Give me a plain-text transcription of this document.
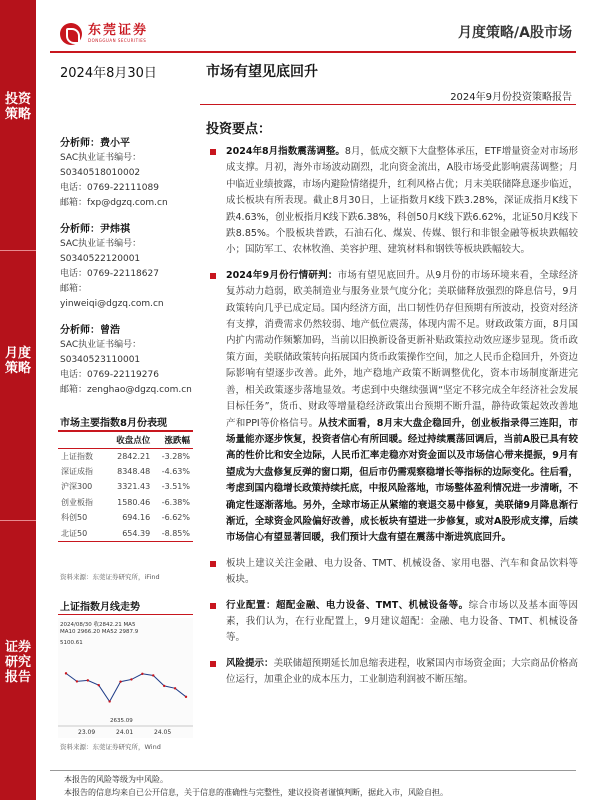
投资策略
月度策略
证券研究报告
东莞证券
DONGGUAN SECURITIES	月度策略/A股市场
2024年8月30日	市场有望见底回升
2024年9月份投资策略报告
分析师：费小平
SAC执业证书编号：
S0340518010002
电话：0769-22111089
邮箱：fxp@dgzq.com.cn
分析师：尹炜祺
SAC执业证书编号：
S0340522120001
电话：0769-22118627
邮箱：
yinweiqi@dgzq.com.cn
分析师：曾浩
SAC执业证书编号：
S0340523110001
电话：0769-22119276
邮箱：zenghao@dgzq.com.cn
市场主要指数8月份表现
	收盘点位	涨跌幅
上证指数	2842.21	-3.28%
深证成指	8348.48	-4.63%
沪深300	3321.43	-3.51%
创业板指	1580.46	-6.38%
科创50	694.16	-6.62%
北证50	654.39	-8.85%
资料来源：东莞证券研究所，iFind
上证指数月线走势
2024/08/30 收2842.21 MA5
MA10 2966.20 MA52 2987.9
5100.61
2635.09
23.09	24.01	24.05
资料来源：东莞证券研究所，Wind
投资要点：
2024年8月指数震荡调整。8月，低成交额下大盘整体承压，ETF增量资金对市场形成支撑。月初，海外市场波动剧烈，北向资金流出，A股市场受此影响震荡调整；月中临近业绩披露，市场内避险情绪提升，红利风格占优；月末美联储降息逐步临近，成长板块有所表现。截止8月30日，上证指数月K线下跌3.28%，深证成指月K线下跌4.63%，创业板指月K线下跌6.38%，科创50月K线下跌6.62%，北证50月K线下跌8.85%。个股板块普跌，石油石化、煤炭、传媒、银行和非银金融等板块跌幅较小；国防军工、农林牧渔、美容护理、建筑材料和钢铁等板块跌幅较大。
2024年9月份行情研判：市场有望见底回升。从9月份的市场环境来看，全球经济复苏动力趋弱，欧美制造业与服务业景气度分化；美联储释放强烈的降息信号，9月政策转向几乎已成定局。国内经济方面，出口韧性仍存但预期有所波动，投资对经济有支撑，消费需求仍然较弱、地产低位震荡，体现内需不足。财政政策方面，8月国内扩内需动作频繁加码，当前以旧换新设备更新补贴政策拉动效应逐步显现。货币政策方面，美联储政策转向拓展国内货币政策操作空间，加之人民币企稳回升，外资边际影响有望逐步改善。此外，地产稳地产政策不断调整优化，资本市场制度渐进完善，相关政策逐步落地显效。考虑到中央继续强调“坚定不移完成全年经济社会发展目标任务”，货币、财政等增量稳经济政策出台预期不断升温，静待政策起效改善地产和PPI等价格信号。从技术面看，8月末大盘企稳回升，创业板指录得三连阳，市场量能亦逐步恢复，投资者信心有所回暖。经过持续震荡回调后，当前A股已具有较高的性价比和安全边际，人民币汇率走稳亦对资金面以及市场信心带来提振，9月有望成为大盘修复反弹的窗口期，但后市仍需观察稳增长等指标的边际变化。往后看，考虑到国内稳增长政策持续托底，中报风险落地，市场整体盈利情况进一步清晰，不确定性逐渐落地。另外，全球市场正从紧缩的衰退交易中修复，美联储9月降息渐行渐近，全球资金风险偏好改善，成长板块有望进一步修复，或对A股形成支撑，后续市场信心有望显著回暖，我们预计大盘有望在震荡中渐进筑底回升。
板块上建议关注金融、电力设备、TMT、机械设备、家用电器、汽车和食品饮料等板块。
行业配置：超配金融、电力设备、TMT、机械设备等。综合市场以及基本面等因素，我们认为，在行业配置上，9月建议超配：金融、电力设备、TMT、机械设备等。
风险提示：美联储超预期延长加息缩表进程，收紧国内市场资金面；大宗商品价格高位运行，加重企业的成本压力，工业制造利润被不断压缩。
本报告的风险等级为中风险。
本报告的信息均来自已公开信息，关于信息的准确性与完整性，建议投资者谨慎判断，据此入市，风险自担。
